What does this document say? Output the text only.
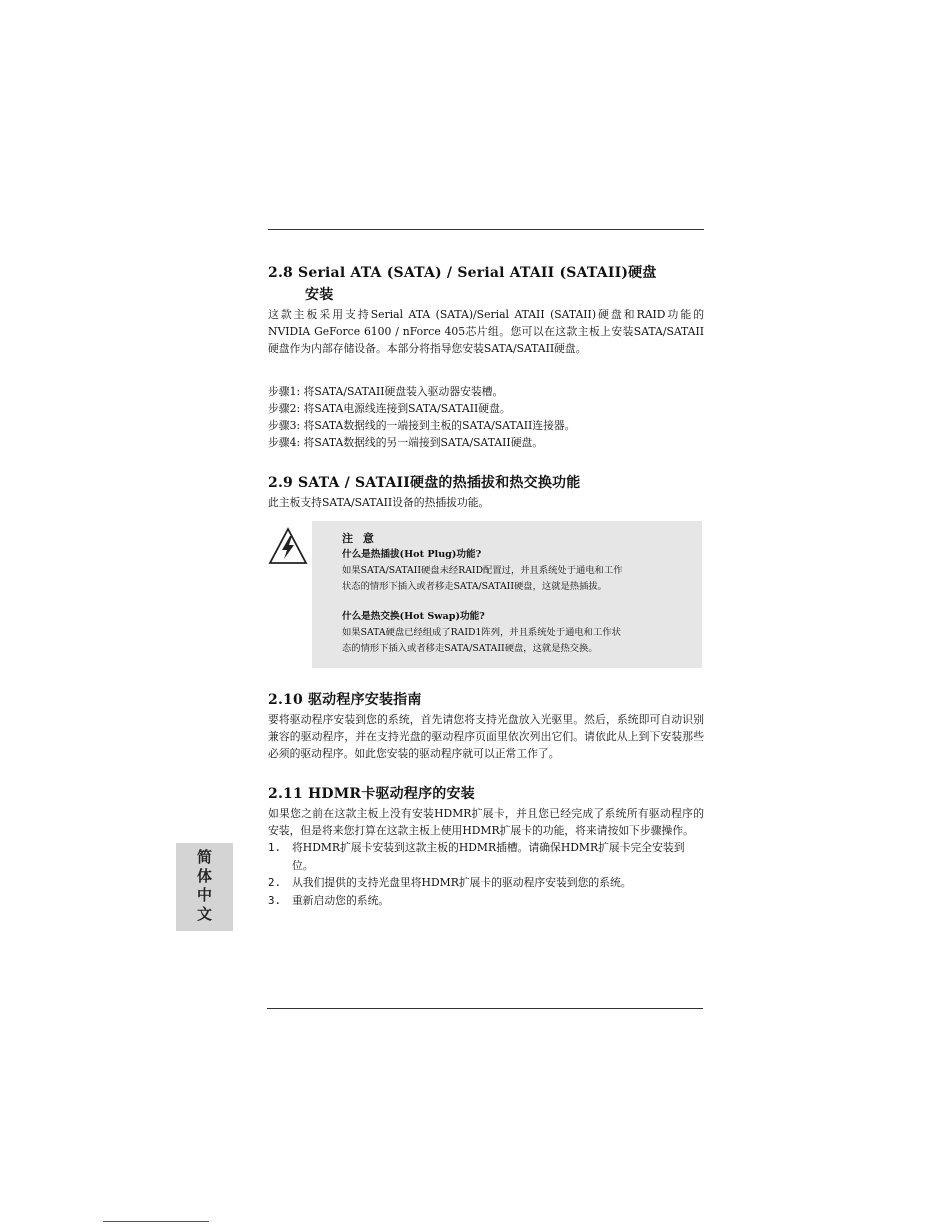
2.8 Serial ATA (SATA) / Serial ATAII (SATAII)硬盘
安装

这款主板采用支持Serial ATA (SATA)/Serial ATAII (SATAII)硬盘和RAID功能的NVIDIA GeForce 6100 / nForce 405芯片组。您可以在这款主板上安装SATA/SATAII硬盘作为内部存储设备。本部分将指导您安装SATA/SATAII硬盘。

步骤1: 将SATA/SATAII硬盘装入驱动器安装槽。
步骤2: 将SATA电源线连接到SATA/SATAII硬盘。
步骤3: 将SATA数据线的一端接到主板的SATA/SATAII连接器。
步骤4: 将SATA数据线的另一端接到SATA/SATAII硬盘。
2.9 SATA / SATAII硬盘的热插拔和热交换功能

此主板支持SATA/SATAII设备的热插拔功能。

注 意
什么是热插拔(Hot Plug)功能?
如果SATA/SATAII硬盘未经RAID配置过，并且系统处于通电和工作
状态的情形下插入或者移走SATA/SATAII硬盘，这就是热插拔。
什么是热交换(Hot Swap)功能?
如果SATA硬盘已经组成了RAID1阵列，并且系统处于通电和工作状
态的情形下插入或者移走SATA/SATAII硬盘，这就是热交换。
2.10 驱动程序安装指南

要将驱动程序安装到您的系统，首先请您将支持光盘放入光驱里。然后，系统即可自动识别兼容的驱动程序，并在支持光盘的驱动程序页面里依次列出它们。请依此从上到下安装那些必须的驱动程序。如此您安装的驱动程序就可以正常工作了。

2.11 HDMR卡驱动程序的安装

如果您之前在这款主板上没有安装HDMR扩展卡，并且您已经完成了系统所有驱动程序的安装，但是将来您打算在这款主板上使用HDMR扩展卡的功能，将来请按如下步骤操作。

1.	将HDMR扩展卡安装到这款主板的HDMR插槽。请确保HDMR扩展卡完全安装到位。
2.	从我们提供的支持光盘里将HDMR扩展卡的驱动程序安装到您的系统。
3.	重新启动您的系统。
简体中文
